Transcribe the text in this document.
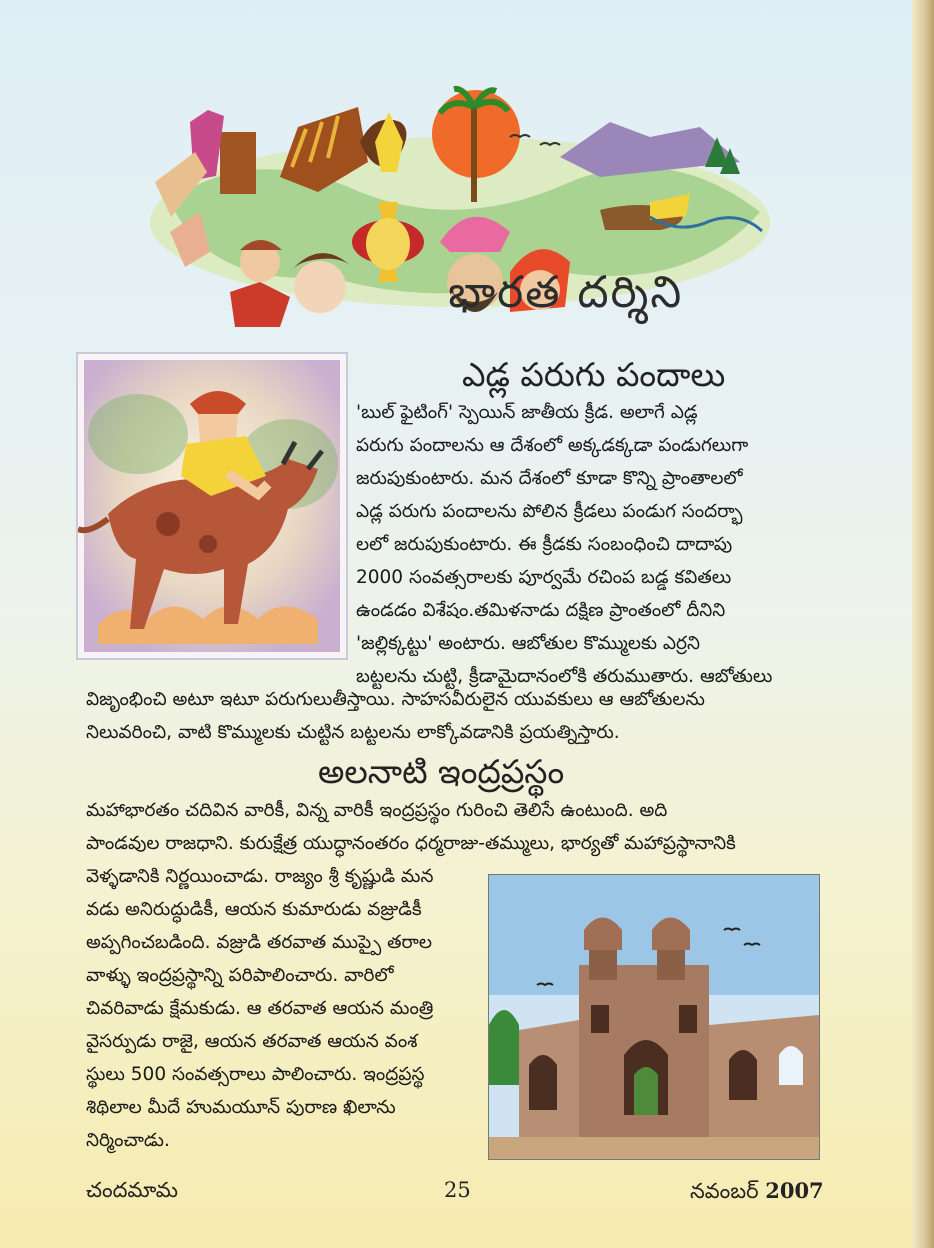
భారత దర్శిని
ఎడ్ల పరుగు పందాలు
'బుల్ ఫైటింగ్' స్పెయిన్ జాతీయ క్రీడ. అలాగే ఎడ్ల
పరుగు పందాలను ఆ దేశంలో అక్కడక్కడా పండుగలుగా
జరుపుకుంటారు. మన దేశంలో కూడా కొన్ని ప్రాంతాలలో
ఎడ్ల పరుగు పందాలను పోలిన క్రీడలు పండుగ సందర్భా
లలో జరుపుకుంటారు. ఈ క్రీడకు సంబంధించి దాదాపు
2000 సంవత్సరాలకు పూర్వమే రచింప బడ్డ కవితలు
ఉండడం విశేషం.తమిళనాడు దక్షిణ ప్రాంతంలో దీనిని
'జల్లిక్కట్టు' అంటారు. ఆబోతుల కొమ్ములకు ఎర్రని
బట్టలను చుట్టి, క్రీడామైదానంలోకి తరుముతారు. ఆబోతులు
విజృంభించి అటూ ఇటూ పరుగులుతీస్తాయి. సాహసవీరులైన యువకులు ఆ ఆబోతులను
నిలువరించి, వాటి కొమ్ములకు చుట్టిన బట్టలను లాక్కోవడానికి ప్రయత్నిస్తారు.
అలనాటి ఇంద్రప్రస్థం
మహాభారతం చదివిన వారికీ, విన్న వారికీ ఇంద్రప్రస్థం గురించి తెలిసే ఉంటుంది. అది
పాండవుల రాజధాని. కురుక్షేత్ర యుద్ధానంతరం ధర్మరాజు-తమ్ములు, భార్యతో మహాప్రస్థానానికి
వెళ్ళడానికి నిర్ణయించాడు. రాజ్యం శ్రీ కృష్ణుడి మన
వడు అనిరుద్ధుడికీ, ఆయన కుమారుడు వజ్రుడికీ
అప్పగించబడింది. వజ్రుడి తరవాత ముప్పై తరాల
వాళ్ళు ఇంద్రప్రస్థాన్ని పరిపాలించారు. వారిలో
చివరివాడు క్షేమకుడు. ఆ తరవాత ఆయన మంత్రి
వైసర్పుడు రాజై, ఆయన తరవాత ఆయన వంశ
స్థులు 500 సంవత్సరాలు పాలించారు. ఇంద్రప్రస్థ
శిథిలాల మీదే హుమయూన్ పురాణ ఖిలాను
నిర్మించాడు.
చందమామ	25	నవంబర్ 2007
